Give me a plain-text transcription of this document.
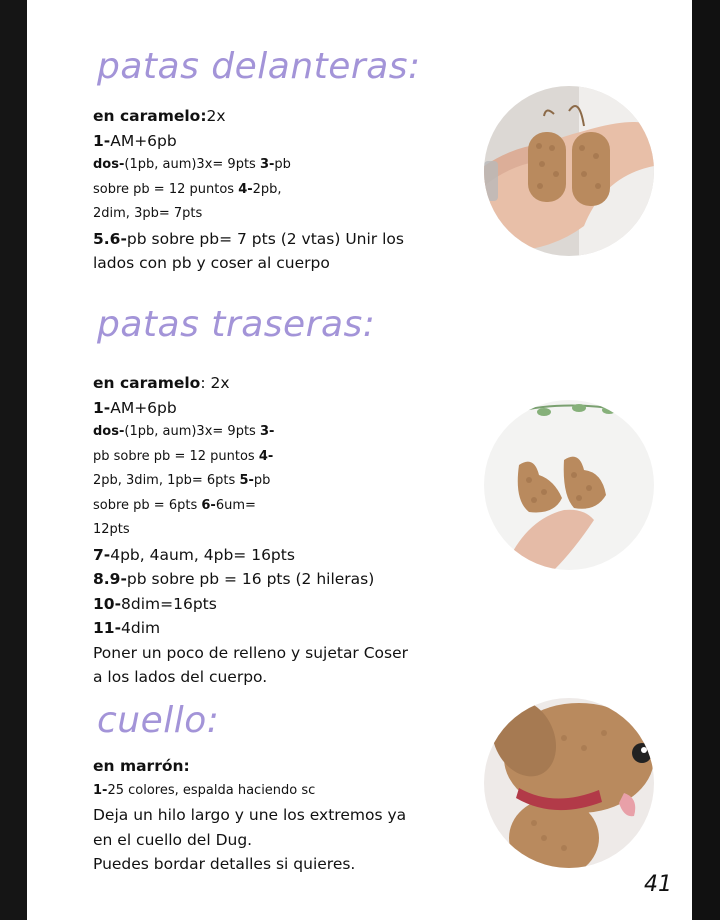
patas delanteras:
en caramelo:2x
1-AM+6pb
dos-(1pb, aum)3x= 9pts 3-pb
sobre pb = 12 puntos 4-2pb,
2dim, 3pb= 7pts
5.6-pb sobre pb= 7 pts (2 vtas) Unir los
lados con pb y coser al cuerpo
patas traseras:
en caramelo: 2x
1-AM+6pb
dos-(1pb, aum)3x= 9pts 3-
pb sobre pb = 12 puntos 4-
2pb, 3dim, 1pb= 6pts 5-pb
sobre pb = 6pts 6-6um=
12pts
7-4pb, 4aum, 4pb= 16pts
8.9-pb sobre pb = 16 pts (2 hileras)
10-8dim=16pts
11-4dim
Poner un poco de relleno y sujetar Coser
a los lados del cuerpo.
cuello:
en marrón:
1-25 colores, espalda haciendo sc
Deja un hilo largo y une los extremos ya
en el cuello del Dug.
Puedes bordar detalles si quieres.
41
